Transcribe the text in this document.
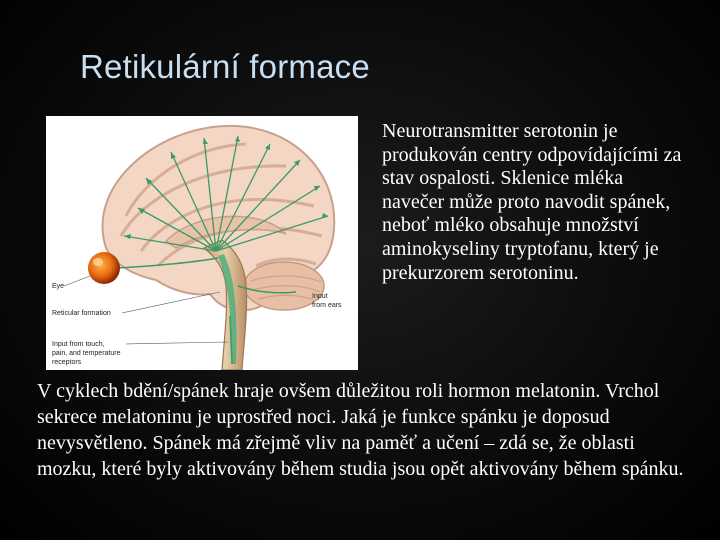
Retikulární formace
Eye
Reticular formation
Input
from ears
Input from touch,
pain, and temperature
receptors
Neurotransmitter serotonin je produkován centry odpovídajícími za stav ospalosti. Sklenice mléka navečer může proto navodit spánek, neboť mléko obsahuje množství aminokyseliny tryptofanu, který je prekurzorem serotoninu.
V cyklech bdění/spánek hraje ovšem důležitou roli hormon melatonin. Vrchol sekrece melatoninu je uprostřed noci. Jaká je funkce spánku je doposud nevysvětleno. Spánek má zřejmě vliv na paměť a učení – zdá se, že oblasti mozku, které byly aktivovány během studia jsou opět aktivovány během spánku.
